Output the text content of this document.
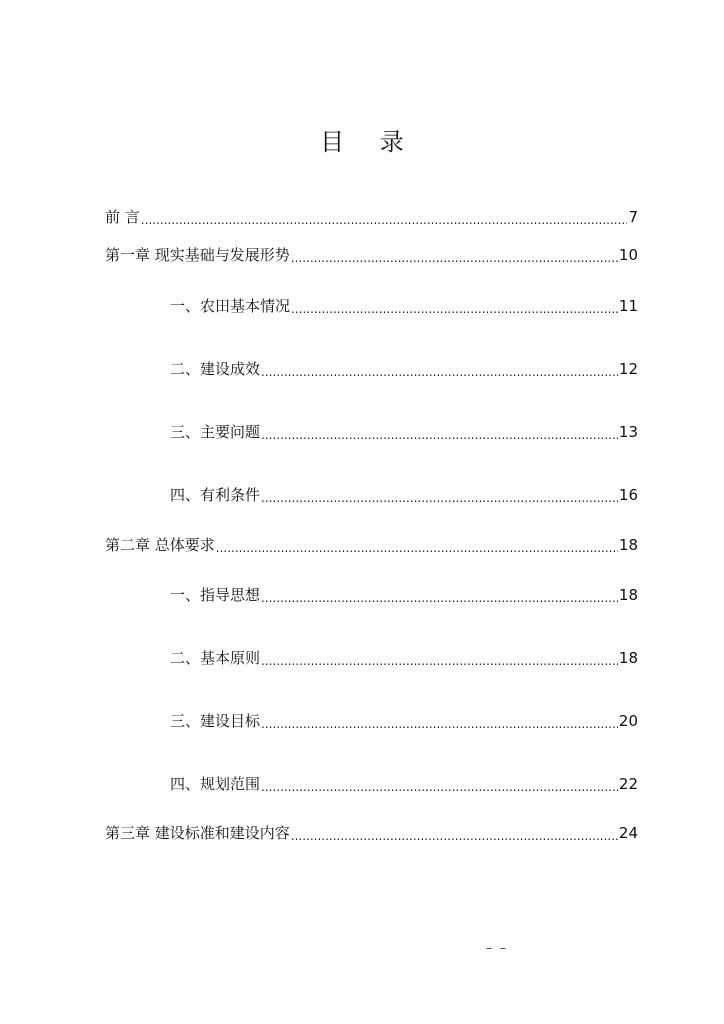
目 录
前 言 .....	7
第一章 现实基础与发展形势 .....	10
一、农田基本情况 .....	11
二、建设成效 .....	12
三、主要问题 .....	13
四、有利条件 .....	16
第二章 总体要求 .....	18
一、指导思想 .....	18
二、基本原则 .....	18
三、建设目标 .....	20
四、规划范围 .....	22
第三章 建设标准和建设内容 .....	24
– –
